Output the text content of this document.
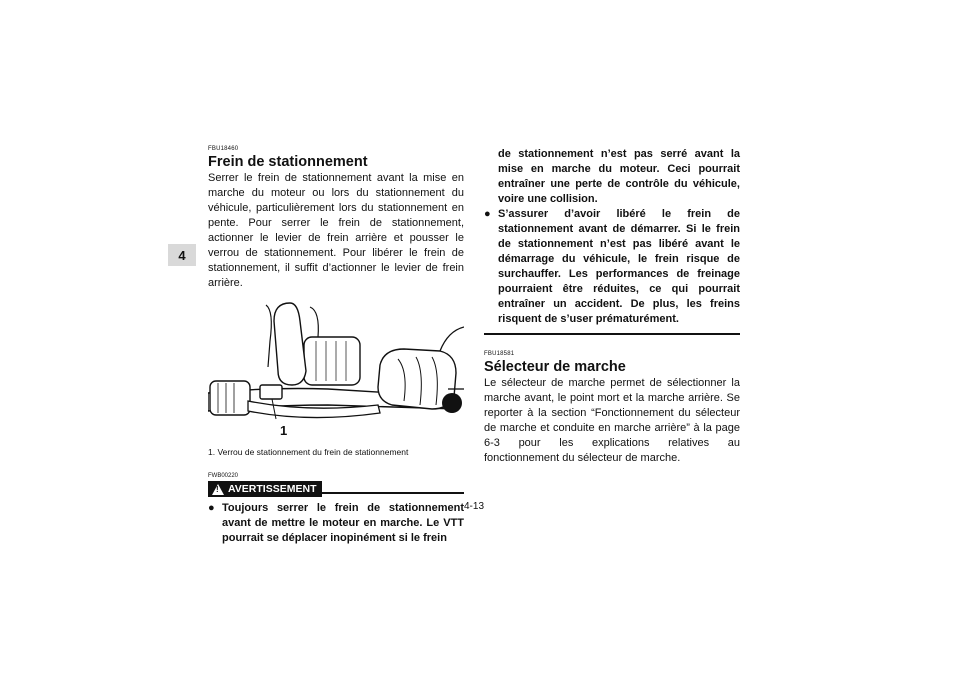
4
FBU18460
Frein de stationnement

Serrer le frein de stationnement avant la mise en marche du moteur ou lors du stationnement du véhicule, particulièrement lors du stationnement en pente. Pour serrer le frein de stationnement, actionner le levier de frein arrière et pousser le verrou de stationnement. Pour libérer le frein de stationnement, il suffit d’actionner le levier de frein arrière.

1

1. Verrou de stationnement du frein de stationnement

FWB00220
!
AVERTISSEMENT
● Toujours serrer le frein de stationnement avant de mettre le moteur en marche. Le VTT pourrait se déplacer inopinément si le frein

de stationnement n’est pas serré avant la mise en marche du moteur. Ceci pourrait entraîner une perte de contrôle du véhicule, voire une collision.

● S’assurer d’avoir libéré le frein de stationnement avant de démarrer. Si le frein de stationnement n’est pas libéré avant le démarrage du véhicule, le frein risque de surchauffer. Les performances de freinage pourraient être réduites, ce qui pourrait entraîner un accident. De plus, les freins risquent de s’user prématurément.
FBU18581
Sélecteur de marche

Le sélecteur de marche permet de sélectionner la marche avant, le point mort et la marche arrière. Se reporter à la section “Fonctionnement du sélecteur de marche et conduite en marche arrière” à la page 6-3 pour les explications relatives au fonctionnement du sélecteur de marche.

4-13
